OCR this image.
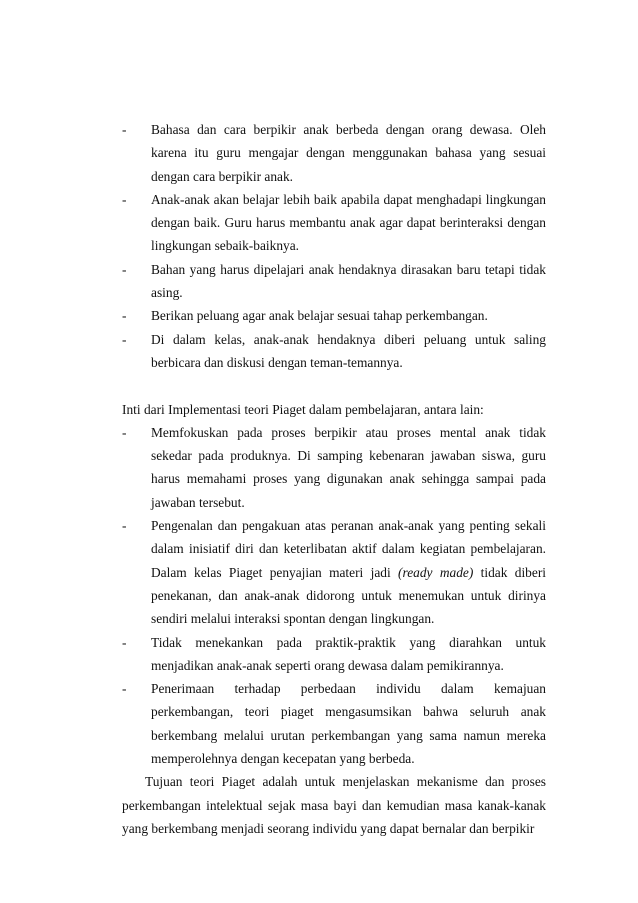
- Bahasa dan cara berpikir anak berbeda dengan orang dewasa. Oleh karena itu guru mengajar dengan menggunakan bahasa yang sesuai dengan cara berpikir anak.
- Anak-anak akan belajar lebih baik apabila dapat menghadapi lingkungan dengan baik. Guru harus membantu anak agar dapat berinteraksi dengan lingkungan sebaik-baiknya.
- Bahan yang harus dipelajari anak hendaknya dirasakan baru tetapi tidak asing.
- Berikan peluang agar anak belajar sesuai tahap perkembangan.
- Di dalam kelas, anak-anak hendaknya diberi peluang untuk saling berbicara dan diskusi dengan teman-temannya.

Inti dari Implementasi teori Piaget dalam pembelajaran, antara lain:

- Memfokuskan pada proses berpikir atau proses mental anak tidak sekedar pada produknya. Di samping kebenaran jawaban siswa, guru harus memahami proses yang digunakan anak sehingga sampai pada jawaban tersebut.
- Pengenalan dan pengakuan atas peranan anak-anak yang penting sekali dalam inisiatif diri dan keterlibatan aktif dalam kegiatan pembelajaran. Dalam kelas Piaget penyajian materi jadi (ready made) tidak diberi penekanan, dan anak-anak didorong untuk menemukan untuk dirinya sendiri melalui interaksi spontan dengan lingkungan.
- Tidak menekankan pada praktik-praktik yang diarahkan untuk menjadikan anak-anak seperti orang dewasa dalam pemikirannya.
- Penerimaan terhadap perbedaan individu dalam kemajuan perkembangan, teori piaget mengasumsikan bahwa seluruh anak berkembang melalui urutan perkembangan yang sama namun mereka memperolehnya dengan kecepatan yang berbeda.

Tujuan teori Piaget adalah untuk menjelaskan mekanisme dan proses perkembangan intelektual sejak masa bayi dan kemudian masa kanak-kanak yang berkembang menjadi seorang individu yang dapat bernalar dan berpikir
